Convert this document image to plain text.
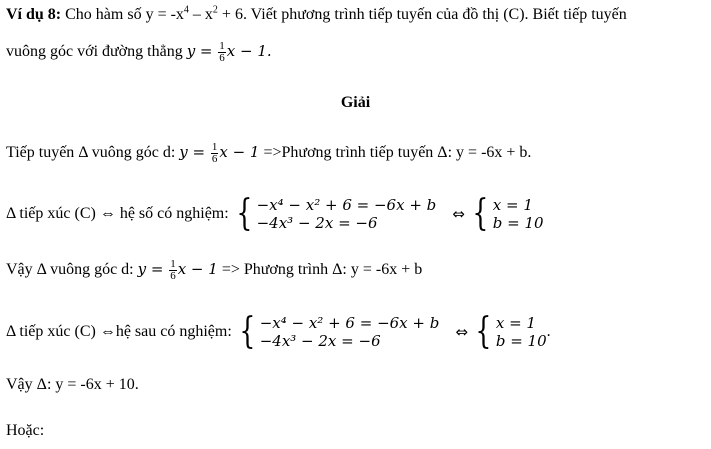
Ví dụ 8: Cho hàm số $y = -x^4 - x^2 + 6$. Viết phương trình tiếp tuyến của đồ thị (C). Biết tiếp tuyến
vuông góc với đường thẳng $y = \frac{1}{6}$ x − 1.
Giải
Tiếp tuyến Δ vuông góc d: $y = \frac{1}{6}$ x − 1 =>Phương trình tiếp tuyến Δ: y = -6x + b.
Δ tiếp xúc (C) ⇔ hệ số có nghiệm: { −x⁴ − x² + 6 = −6x + b
−4x³ − 2x = −6	⇔ { x = 1
b = 10
Vậy Δ vuông góc d: $y = \frac{1}{6}$ x − 1 => Phương trình Δ: y = -6x + b
Δ tiếp xúc (C) ⇔hệ sau có nghiệm: { −x⁴ − x² + 6 = −6x + b
−4x³ − 2x = −6	⇔ { x = 1
b = 10
.
Vậy Δ: y = -6x + 10.
Hoặc:
